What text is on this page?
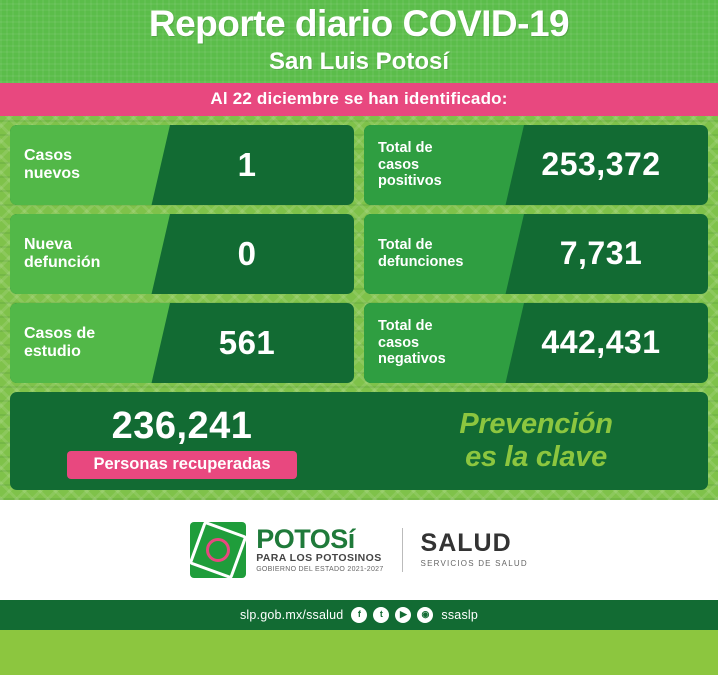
Reporte diario COVID-19
San Luis Potosí
Al 22 diciembre se han identificado:
Casos
nuevos	1	Total de
casos
positivos	253,372
Nueva
defunción	0	Total de
defunciones	7,731
Casos de
estudio	561	Total de
casos
negativos	442,431
236,241
Personas recuperadas
Prevención
es la clave
POTOSí
PARA LOS POTOSINOS
GOBIERNO DEL ESTADO 2021-2027
SALUD
SERVICIOS DE SALUD
slp.gob.mx/ssalud	f	t	▶	◉ ssaslp
